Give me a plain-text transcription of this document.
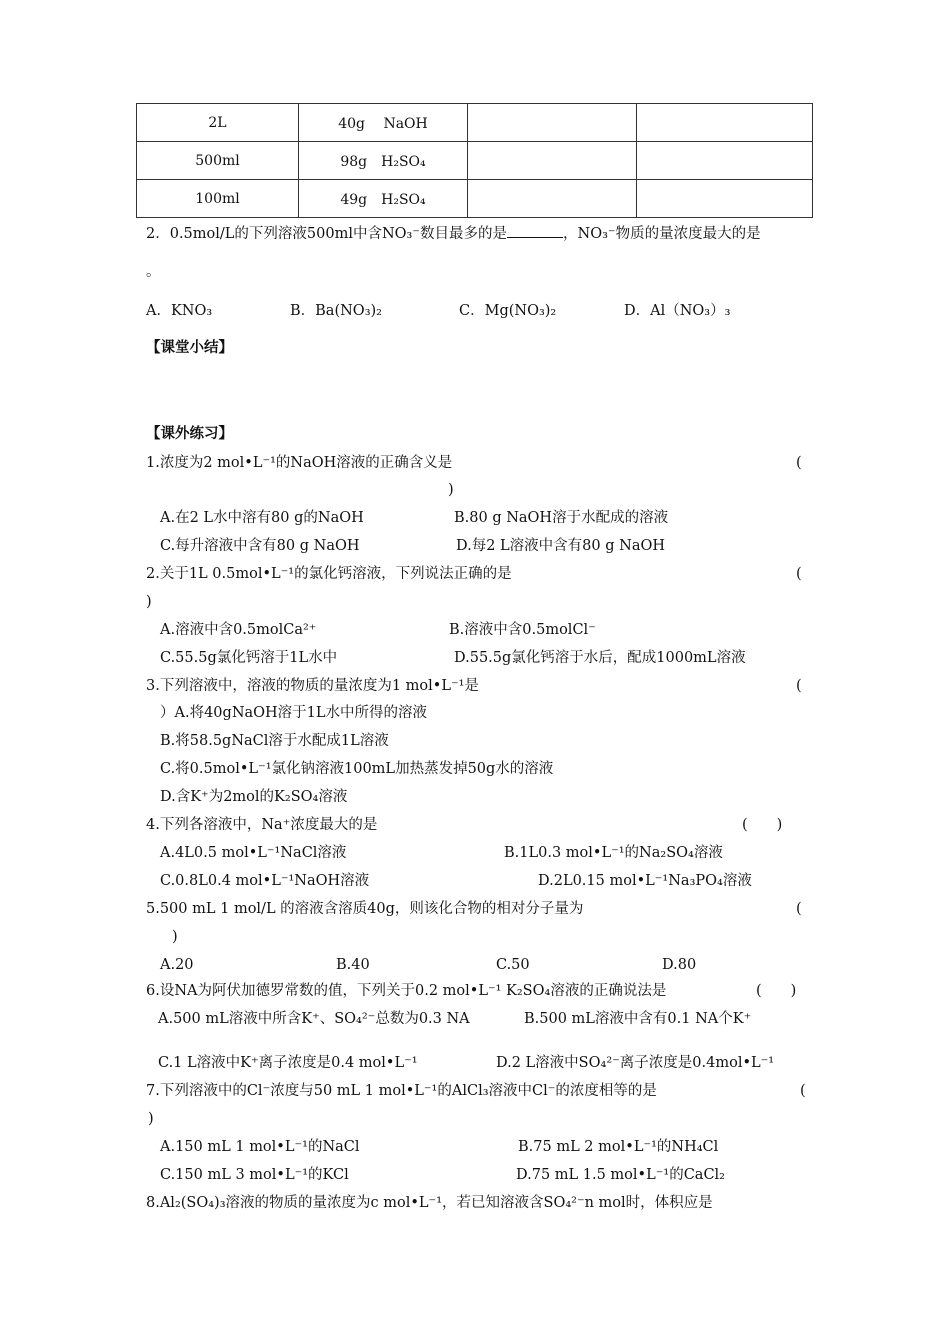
2L	40g　 NaOH		
500ml	98g　H₂SO₄		
100ml	49g　H₂SO₄		
2．0.5mol/L的下列溶液500ml中含NO₃⁻数目最多的是	，NO₃⁻物质的量浓度最大的是
。
A．KNO₃	B．Ba(NO₃)₂	C．Mg(NO₃)₂	D．Al（NO₃）₃
【课堂小结】
【课外练习】
1.浓度为2 mol•L⁻¹的NaOH溶液的正确含义是	(
)
A.在2 L水中溶有80 g的NaOH	B.80 g NaOH溶于水配成的溶液
C.每升溶液中含有80 g NaOH	D.每2 L溶液中含有80 g NaOH
2.关于1L 0.5mol•L⁻¹的氯化钙溶液，下列说法正确的是	(
)
A.溶液中含0.5molCa²⁺	B.溶液中含0.5molCl⁻
C.55.5g氯化钙溶于1L水中	D.55.5g氯化钙溶于水后，配成1000mL溶液
3.下列溶液中，溶液的物质的量浓度为1 mol•L⁻¹是	(
）A.将40gNaOH溶于1L水中所得的溶液
B.将58.5gNaCl溶于水配成1L溶液
C.将0.5mol•L⁻¹氯化钠溶液100mL加热蒸发掉50g水的溶液
D.含K⁺为2mol的K₂SO₄溶液
4.下列各溶液中，Na⁺浓度最大的是	(　　)
A.4L0.5 mol•L⁻¹NaCl溶液	B.1L0.3 mol•L⁻¹的Na₂SO₄溶液
C.0.8L0.4 mol•L⁻¹NaOH溶液	D.2L0.15 mol•L⁻¹Na₃PO₄溶液
5.500 mL 1 mol/L 的溶液含溶质40g，则该化合物的相对分子量为	(
)
A.20	B.40	C.50	D.80
6.设NA为阿伏加德罗常数的值，下列关于0.2 mol•L⁻¹ K₂SO₄溶液的正确说法是	(　　)
A.500 mL溶液中所含K⁺、SO₄²⁻总数为0.3 NA	B.500 mL溶液中含有0.1 NA个K⁺
C.1 L溶液中K⁺离子浓度是0.4 mol•L⁻¹	D.2 L溶液中SO₄²⁻离子浓度是0.4mol•L⁻¹
7.下列溶液中的Cl⁻浓度与50 mL 1 mol•L⁻¹的AlCl₃溶液中Cl⁻的浓度相等的是	(
)
A.150 mL 1 mol•L⁻¹的NaCl	B.75 mL 2 mol•L⁻¹的NH₄Cl
C.150 mL 3 mol•L⁻¹的KCl	D.75 mL 1.5 mol•L⁻¹的CaCl₂
8.Al₂(SO₄)₃溶液的物质的量浓度为c mol•L⁻¹，若已知溶液含SO₄²⁻n mol时，体积应是
